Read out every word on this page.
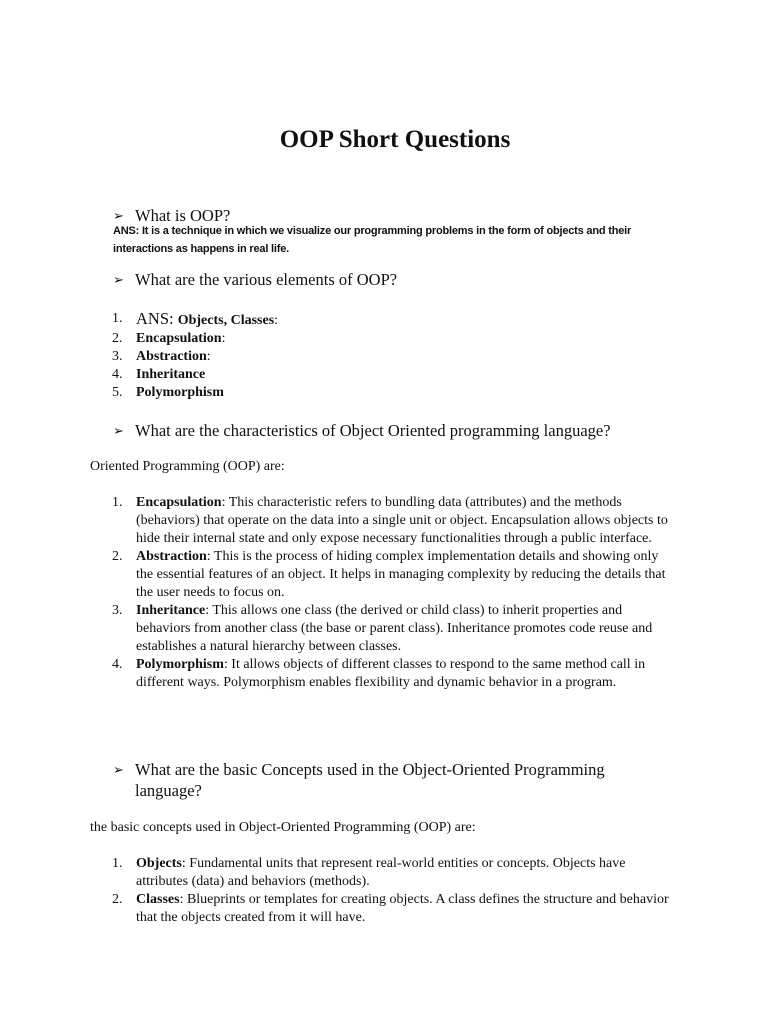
OOP Short Questions
➢ What is OOP?
ANS: It is a technique in which we visualize our programming problems in the form of objects and their interactions as happens in real life.
➢ What are the various elements of OOP?
1. ANS: Objects, Classes:
2. Encapsulation:
3. Abstraction:
4. Inheritance
5. Polymorphism
➢ What are the characteristics of Object Oriented programming language?
Oriented Programming (OOP) are:
1. Encapsulation: This characteristic refers to bundling data (attributes) and the methods (behaviors) that operate on the data into a single unit or object. Encapsulation allows objects to hide their internal state and only expose necessary functionalities through a public interface.
2. Abstraction: This is the process of hiding complex implementation details and showing only the essential features of an object. It helps in managing complexity by reducing the details that the user needs to focus on.
3. Inheritance: This allows one class (the derived or child class) to inherit properties and behaviors from another class (the base or parent class). Inheritance promotes code reuse and establishes a natural hierarchy between classes.
4. Polymorphism: It allows objects of different classes to respond to the same method call in different ways. Polymorphism enables flexibility and dynamic behavior in a program.
➢ What are the basic Concepts used in the Object-Oriented Programming language?
the basic concepts used in Object-Oriented Programming (OOP) are:
1. Objects: Fundamental units that represent real-world entities or concepts. Objects have attributes (data) and behaviors (methods).
2. Classes: Blueprints or templates for creating objects. A class defines the structure and behavior that the objects created from it will have.
